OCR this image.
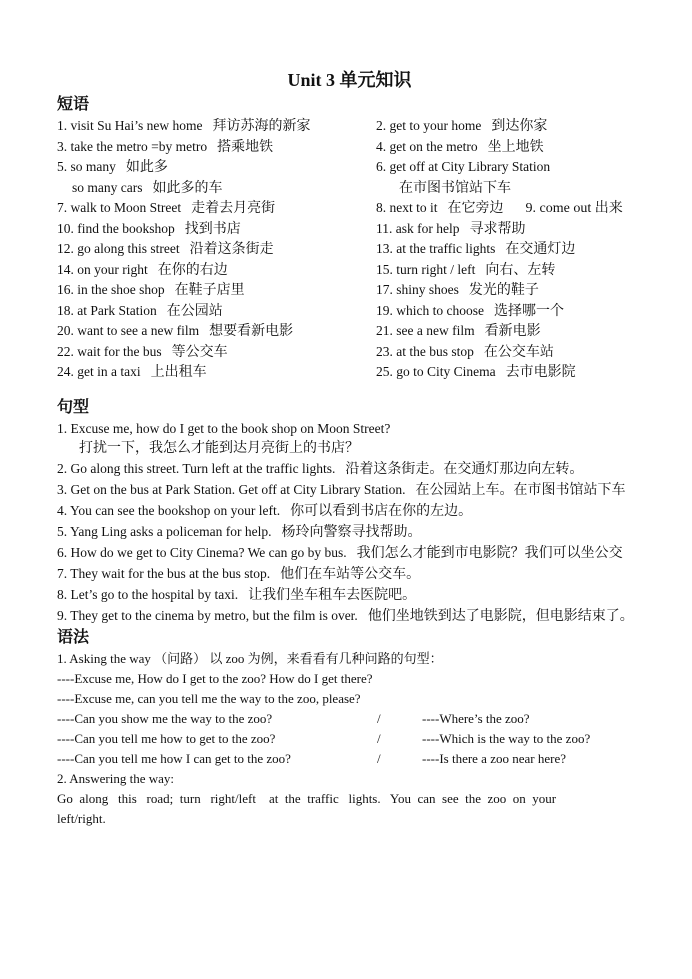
Unit 3 单元知识
短语
1. visit Su Hai’s new home 拜访苏海的新家	2. get to your home 到达你家
3. take the metro =by metro 搭乘地铁	4. get on the metro 坐上地铁
5. so many 如此多	6. get off at City Library Station
so many cars 如此多的车	在市图书馆站下车
7. walk to Moon Street 走着去月亮街	8. next to it 在它旁边 9. come out 出来
10. find the bookshop 找到书店	11. ask for help 寻求帮助
12. go along this street 沿着这条街走	13. at the traffic lights 在交通灯边
14. on your right 在你的右边	15. turn right / left 向右、左转
16. in the shoe shop 在鞋子店里	17. shiny shoes 发光的鞋子
18. at Park Station 在公园站	19. which to choose 选择哪一个
20. want to see a new film 想要看新电影	21. see a new film 看新电影
22. wait for the bus 等公交车	23. at the bus stop 在公交车站
24. get in a taxi 上出租车	25. go to City Cinema 去市电影院
句型
1. Excuse me, how do I get to the book shop on Moon Street?
打扰一下，我怎么才能到达月亮街上的书店？
2. Go along this street. Turn left at the traffic lights. 沿着这条街走。在交通灯那边向左转。
3. Get on the bus at Park Station. Get off at City Library Station. 在公园站上车。在市图书馆站下车
4. You can see the bookshop on your left. 你可以看到书店在你的左边。
5. Yang Ling asks a policeman for help. 杨玲向警察寻找帮助。
6. How do we get to City Cinema? We can go by bus. 我们怎么才能到市电影院？我们可以坐公交
7. They wait for the bus at the bus stop. 他们在车站等公交车。
8. Let’s go to the hospital by taxi. 让我们坐车租车去医院吧。
9. They get to the cinema by metro, but the film is over. 他们坐地铁到达了电影院，但电影结束了。
语法
1. Asking the way （问路） 以 zoo 为例，来看看有几种问路的句型：
----Excuse me, How do I get to the zoo? How do I get there?
----Excuse me, can you tell me the way to the zoo, please?
----Can you show me the way to the zoo?	/	----Where’s the zoo?
----Can you tell me how to get to the zoo?	/	----Which is the way to the zoo?
----Can you tell me how I can get to the zoo?	/	----Is there a zoo near here?
2. Answering the way:
Go  along   this   road;  turn   right/left    at  the  traffic   lights.   You  can  see  the  zoo  on  your
left/right.
